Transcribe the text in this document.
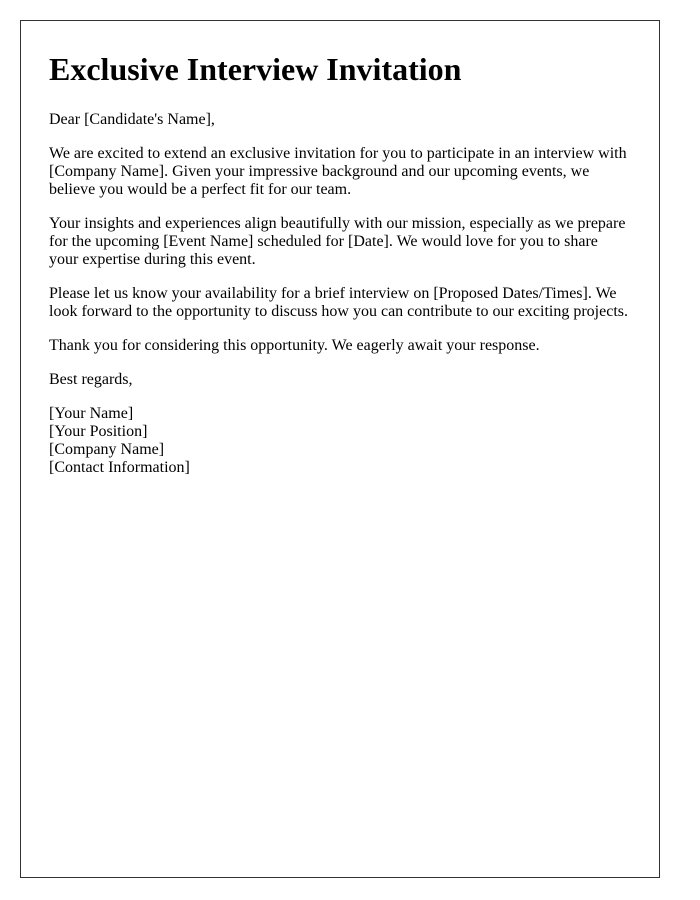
Exclusive Interview Invitation

Dear [Candidate's Name],

We are excited to extend an exclusive invitation for you to participate in an interview with [Company Name]. Given your impressive background and our upcoming events, we believe you would be a perfect fit for our team.

Your insights and experiences align beautifully with our mission, especially as we prepare for the upcoming [Event Name] scheduled for [Date]. We would love for you to share your expertise during this event.

Please let us know your availability for a brief interview on [Proposed Dates/Times]. We look forward to the opportunity to discuss how you can contribute to our exciting projects.

Thank you for considering this opportunity. We eagerly await your response.

Best regards,

[Your Name]
[Your Position]
[Company Name]
[Contact Information]
